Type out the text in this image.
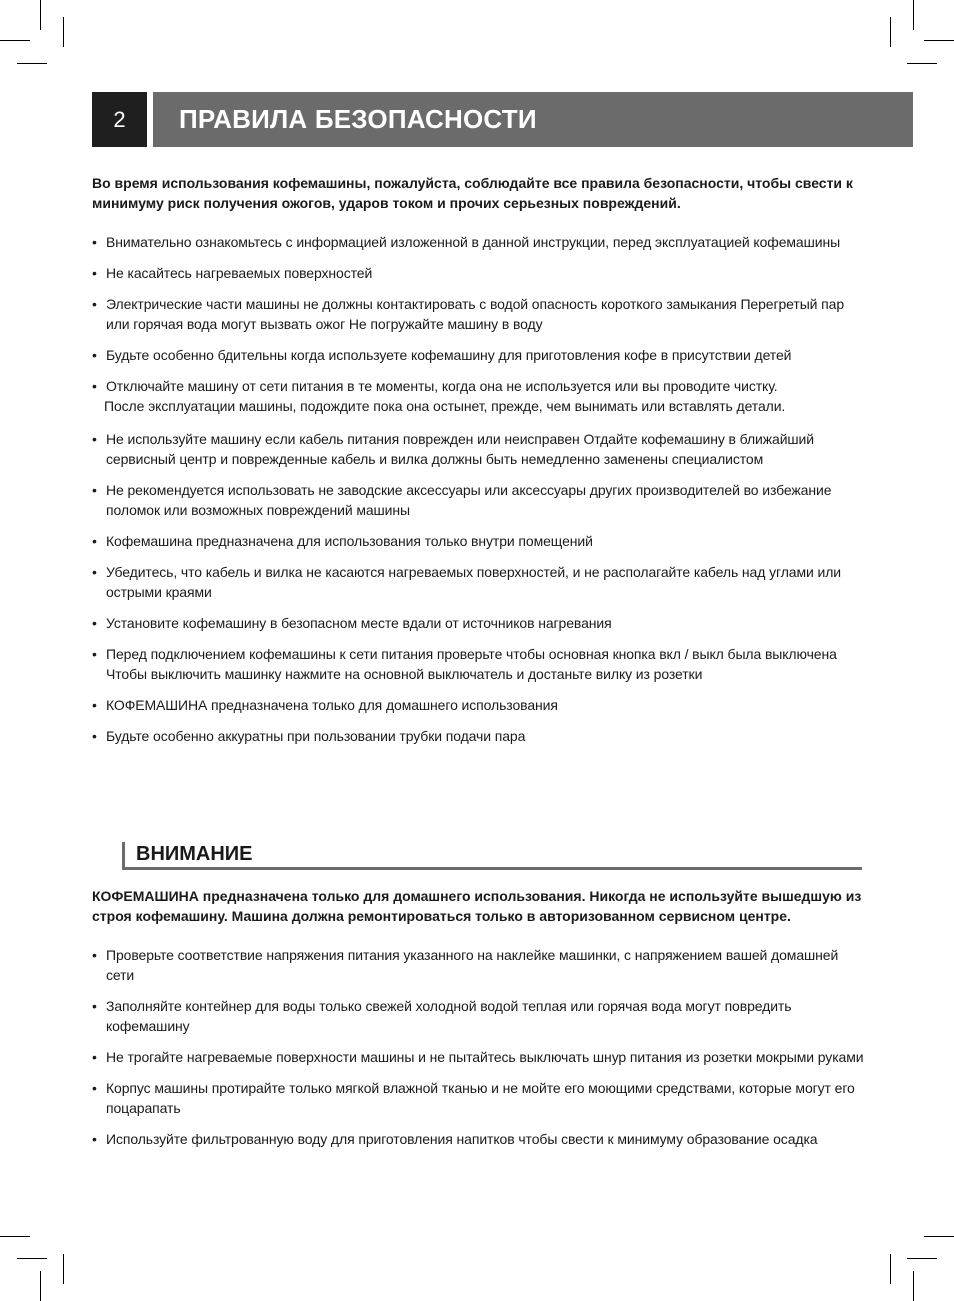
2	ПРАВИЛА БЕЗОПАСНОСТИ
Во время использования кофемашины, пожалуйста, соблюдайте все правила безопасности, чтобы свести к минимуму риск получения ожогов, ударов током и прочих серьезных повреждений.
• Внимательно ознакомьтесь с информацией изложенной в данной инструкции, перед эксплуатацией кофемашины
• Не касайтесь нагреваемых поверхностей
• Электрические части машины не должны контактировать с водой опасность короткого замыкания Перегретый пар или горячая вода могут вызвать ожог Не погружайте машину в воду
• Будьте особенно бдительны когда используете кофемашину для приготовления кофе в присутствии детей
• Отключайте машину от сети питания в те моменты, когда она не используется или вы проводите чистку.
После эксплуатации машины, подождите пока она остынет, прежде, чем вынимать или вставлять детали.
• Не используйте машину если кабель питания поврежден или неисправен Отдайте кофемашину в ближайший сервисный центр и поврежденные кабель и вилка должны быть немедленно заменены специалистом
• Не рекомендуется использовать не заводские аксессуары или аксессуары других производителей во избежание поломок или возможных повреждений машины
• Кофемашина предназначена для использования только внутри помещений
• Убедитесь, что кабель и вилка не касаются нагреваемых поверхностей, и не располагайте кабель над углами или острыми краями
• Установите кофемашину в безопасном месте вдали от источников нагревания
• Перед подключением кофемашины к сети питания проверьте чтобы основная кнопка вкл / выкл была выключена Чтобы выключить машинку нажмите на основной выключатель и достаньте вилку из розетки
• КОФЕМАШИНА предназначена только для домашнего использования
• Будьте особенно аккуратны при пользовании трубки подачи пара
ВНИМАНИЕ
КОФЕМАШИНА предназначена только для домашнего использования. Никогда не используйте вышедшую из строя кофемашину. Машина должна ремонтироваться только в авторизованном сервисном центре.
• Проверьте соответствие напряжения питания указанного на наклейке машинки, с напряжением вашей домашней сети
• Заполняйте контейнер для воды только свежей холодной водой теплая или горячая вода могут повредить кофемашину
• Не трогайте нагреваемые поверхности машины и не пытайтесь выключать шнур питания из розетки мокрыми руками
• Корпус машины протирайте только мягкой влажной тканью и не мойте его моющими средствами, которые могут его поцарапать
• Используйте фильтрованную воду для приготовления напитков чтобы свести к минимуму образование осадка
